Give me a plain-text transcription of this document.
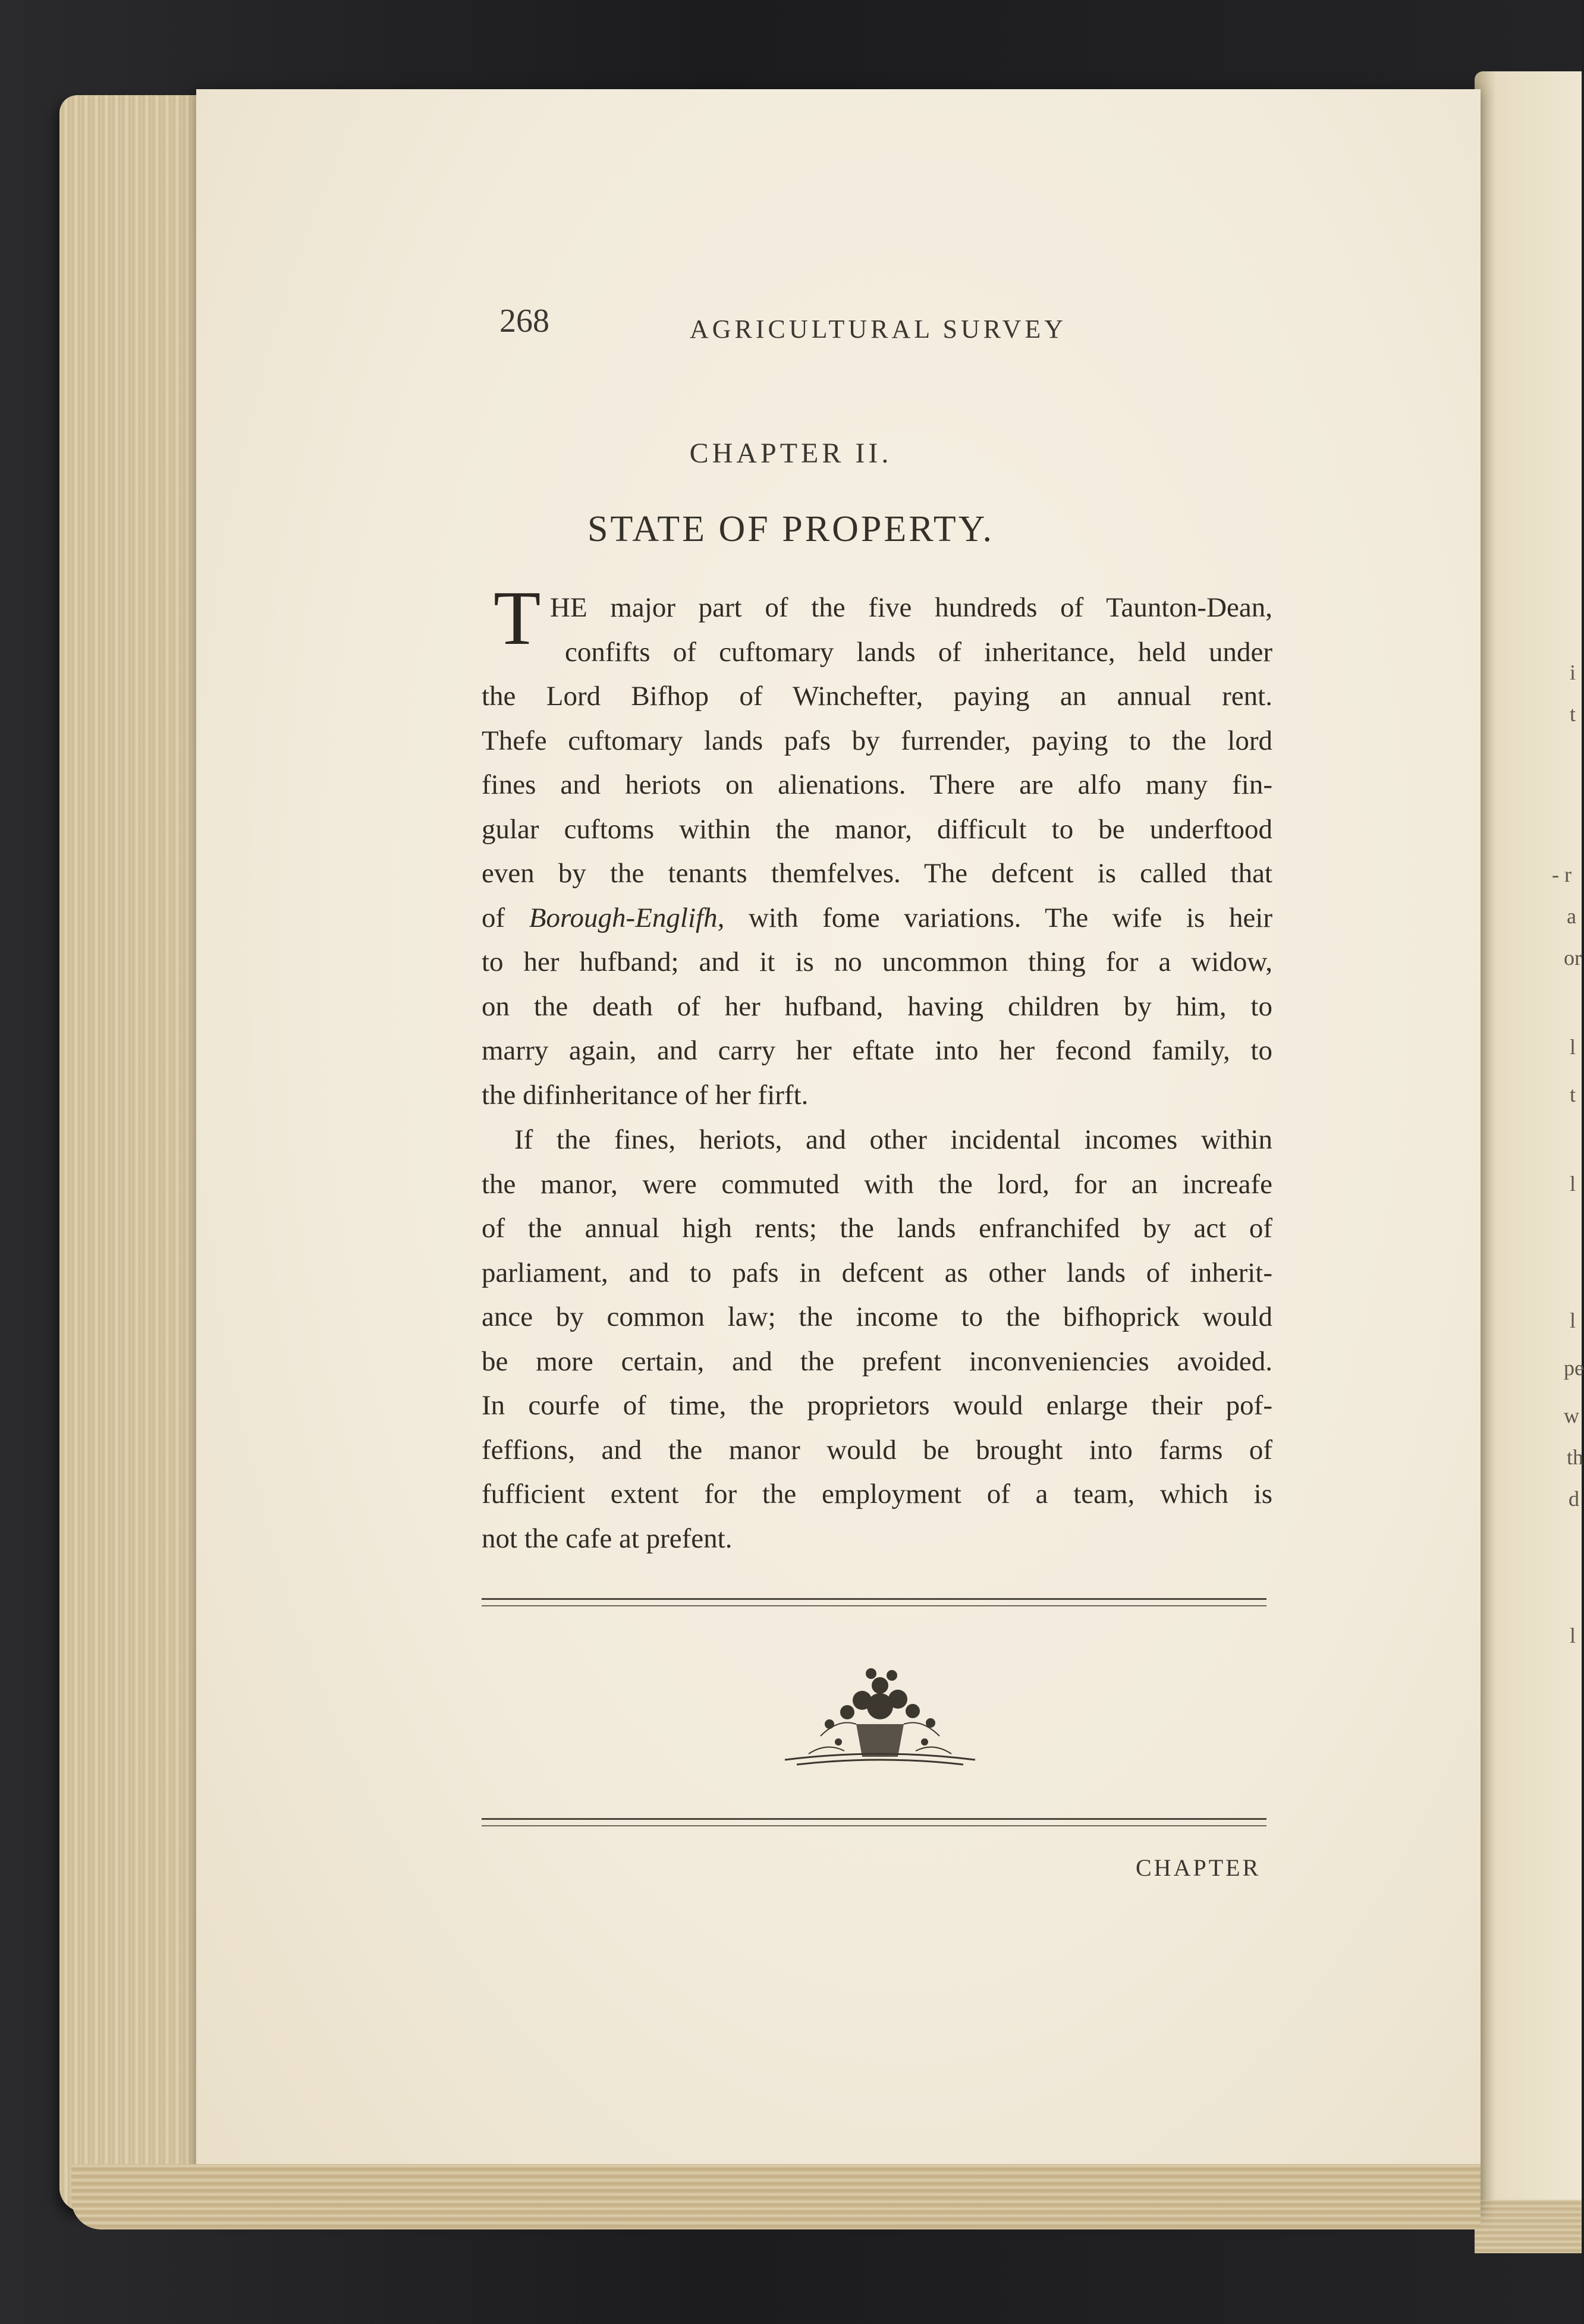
i
t
- r
a
or
l
t
l
l
pe
w
th
d
l
268	AGRICULTURAL SURVEY
CHAPTER II.
STATE OF PROPERTY.
T HE major part of the five hundreds of Taunton-Dean,
confifts of cuftomary lands of inheritance, held under
the Lord Bifhop of Winchefter, paying an annual rent.
Thefe cuftomary lands pafs by furrender, paying to the lord
fines and heriots on alienations. There are alfo many fin-
gular cuftoms within the manor, difficult to be underftood
even by the tenants themfelves. The defcent is called that
of Borough-Englifh, with fome variations. The wife is heir
to her hufband; and it is no uncommon thing for a widow,
on the death of her hufband, having children by him, to
marry again, and carry her eftate into her fecond family, to
the difinheritance of her firft.
If the fines, heriots, and other incidental incomes within
the manor, were commuted with the lord, for an increafe
of the annual high rents; the lands enfranchifed by act of
parliament, and to pafs in defcent as other lands of inherit-
ance by common law; the income to the bifhoprick would
be more certain, and the prefent inconveniencies avoided.
In courfe of time, the proprietors would enlarge their pof-
feffions, and the manor would be brought into farms of
fufficient extent for the employment of a team, which is
not the cafe at prefent.
CHAPTER
